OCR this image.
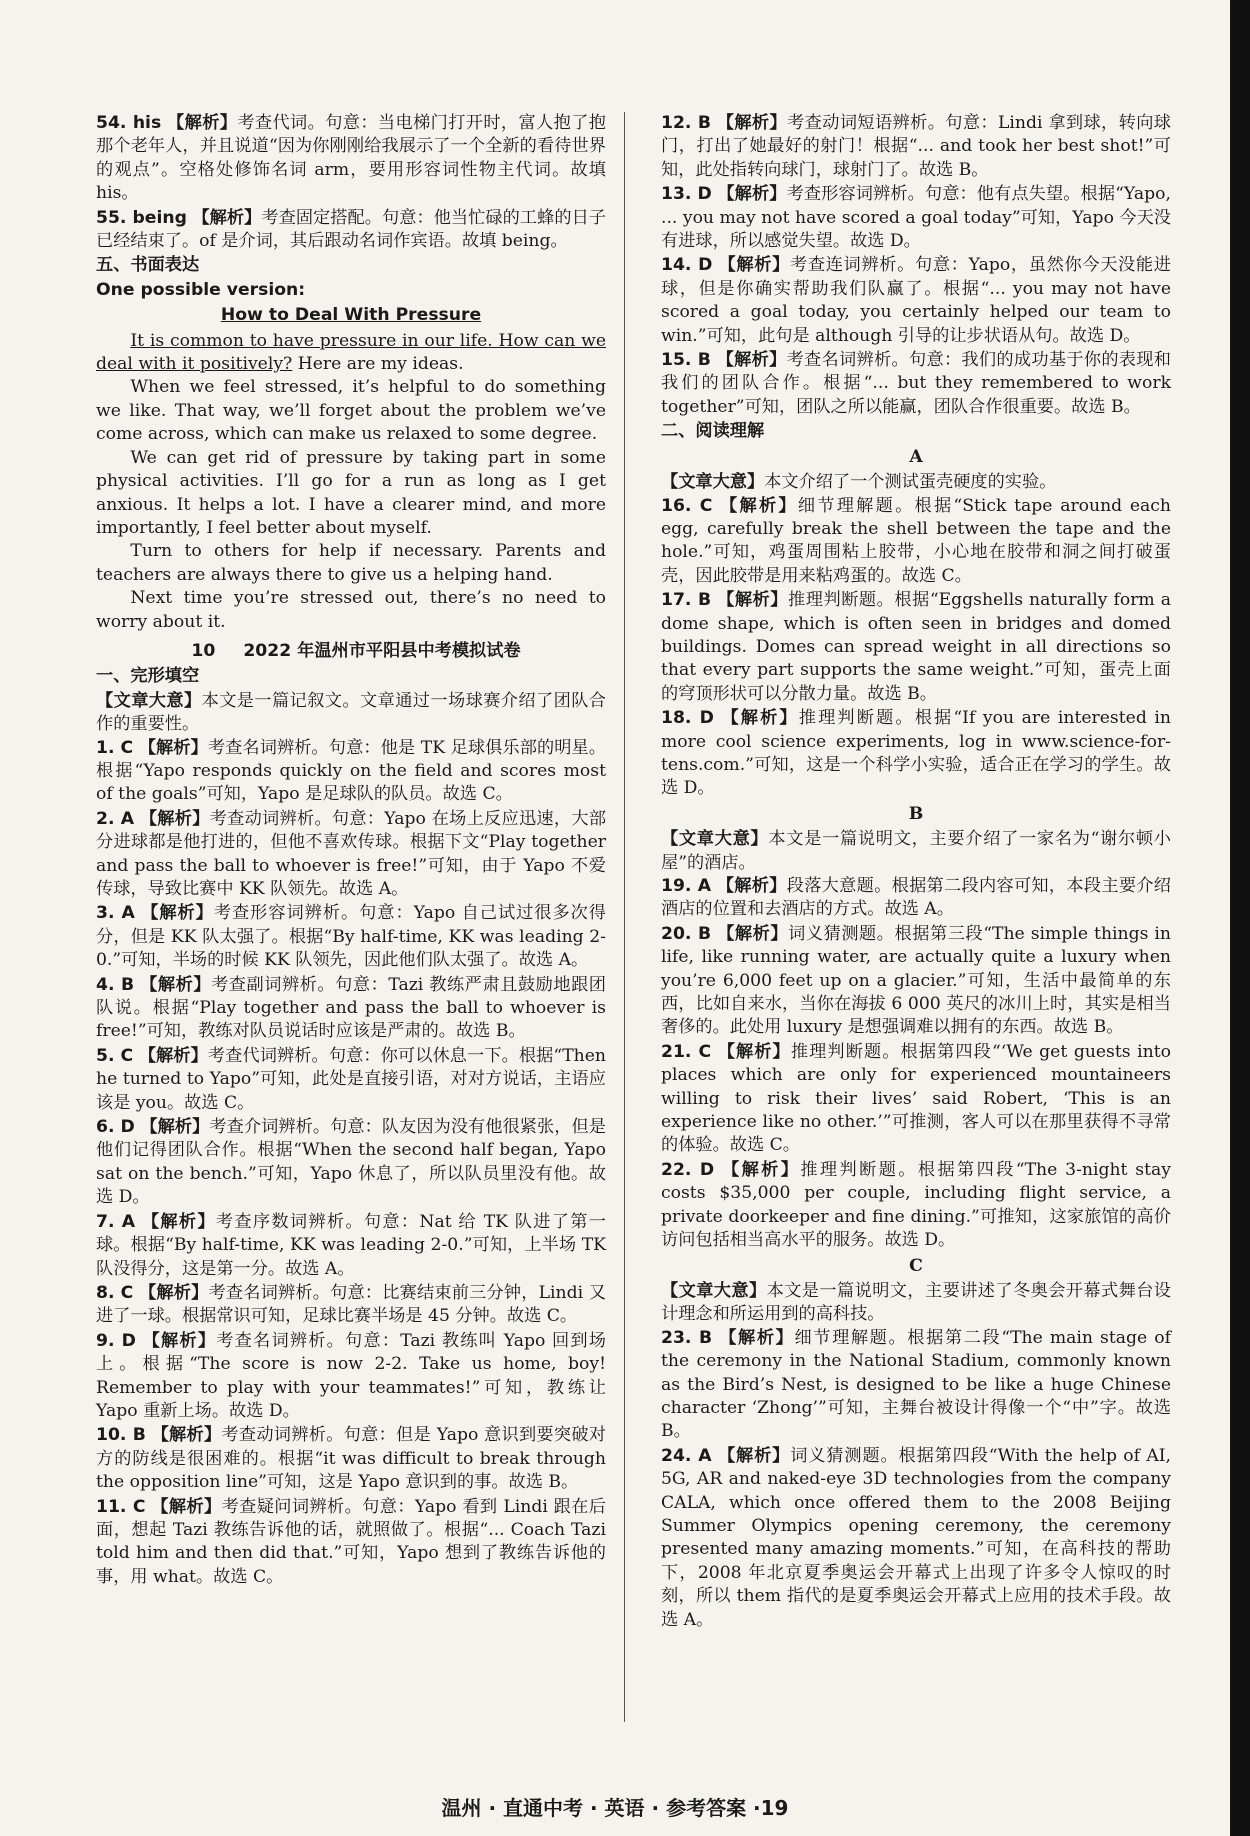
54. his 【解析】考查代词。句意：当电梯门打开时，富人抱了抱那个老年人，并且说道“因为你刚刚给我展示了一个全新的看待世界的观点”。空格处修饰名词 arm，要用形容词性物主代词。故填 his。
55. being 【解析】考查固定搭配。句意：他当忙碌的工蜂的日子已经结束了。of 是介词，其后跟动名词作宾语。故填 being。
五、书面表达
One possible version:
How to Deal With Pressure

It is common to have pressure in our life. How can we deal with it positively? Here are my ideas.

When we feel stressed, it’s helpful to do something we like. That way, we’ll forget about the problem we’ve come across, which can make us relaxed to some degree.

We can get rid of pressure by taking part in some physical activities. I’ll go for a run as long as I get anxious. It helps a lot. I have a clearer mind, and more importantly, I feel better about myself.

Turn to others for help if necessary. Parents and teachers are always there to give us a helping hand.

Next time you’re stressed out, there’s no need to worry about it.

10 2022 年温州市平阳县中考模拟试卷
一、完形填空

【文章大意】本文是一篇记叙文。文章通过一场球赛介绍了团队合作的重要性。

1. C 【解析】考查名词辨析。句意：他是 TK 足球俱乐部的明星。根据“Yapo responds quickly on the field and scores most of the goals”可知，Yapo 是足球队的队员。故选 C。
2. A 【解析】考查动词辨析。句意：Yapo 在场上反应迅速，大部分进球都是他打进的，但他不喜欢传球。根据下文“Play together and pass the ball to whoever is free!”可知，由于 Yapo 不爱传球，导致比赛中 KK 队领先。故选 A。
3. A 【解析】考查形容词辨析。句意：Yapo 自己试过很多次得分，但是 KK 队太强了。根据“By half-time, KK was leading 2-0.”可知，半场的时候 KK 队领先，因此他们队太强了。故选 A。
4. B 【解析】考查副词辨析。句意：Tazi 教练严肃且鼓励地跟团队说。根据“Play together and pass the ball to whoever is free!”可知，教练对队员说话时应该是严肃的。故选 B。
5. C 【解析】考查代词辨析。句意：你可以休息一下。根据“Then he turned to Yapo”可知，此处是直接引语，对对方说话，主语应该是 you。故选 C。
6. D 【解析】考查介词辨析。句意：队友因为没有他很紧张，但是他们记得团队合作。根据“When the second half began, Yapo sat on the bench.”可知，Yapo 休息了，所以队员里没有他。故选 D。
7. A 【解析】考查序数词辨析。句意：Nat 给 TK 队进了第一球。根据“By half-time, KK was leading 2-0.”可知，上半场 TK 队没得分，这是第一分。故选 A。
8. C 【解析】考查名词辨析。句意：比赛结束前三分钟，Lindi 又进了一球。根据常识可知，足球比赛半场是 45 分钟。故选 C。
9. D 【解析】考查名词辨析。句意：Tazi 教练叫 Yapo 回到场上。根据“The score is now 2-2. Take us home, boy! Remember to play with your teammates!”可知，教练让 Yapo 重新上场。故选 D。
10. B 【解析】考查动词辨析。句意：但是 Yapo 意识到要突破对方的防线是很困难的。根据“it was difficult to break through the opposition line”可知，这是 Yapo 意识到的事。故选 B。
11. C 【解析】考查疑问词辨析。句意：Yapo 看到 Lindi 跟在后面，想起 Tazi 教练告诉他的话，就照做了。根据“... Coach Tazi told him and then did that.”可知，Yapo 想到了教练告诉他的事，用 what。故选 C。
12. B 【解析】考查动词短语辨析。句意：Lindi 拿到球，转向球门，打出了她最好的射门！根据“... and took her best shot!”可知，此处指转向球门，球射门了。故选 B。
13. D 【解析】考查形容词辨析。句意：他有点失望。根据“Yapo, ... you may not have scored a goal today”可知，Yapo 今天没有进球，所以感觉失望。故选 D。
14. D 【解析】考查连词辨析。句意：Yapo，虽然你今天没能进球，但是你确实帮助我们队赢了。根据“... you may not have scored a goal today, you certainly helped our team to win.”可知，此句是 although 引导的让步状语从句。故选 D。
15. B 【解析】考查名词辨析。句意：我们的成功基于你的表现和我们的团队合作。根据“... but they remembered to work together”可知，团队之所以能赢，团队合作很重要。故选 B。
二、阅读理解
A

【文章大意】本文介绍了一个测试蛋壳硬度的实验。

16. C 【解析】细节理解题。根据“Stick tape around each egg, carefully break the shell between the tape and the hole.”可知，鸡蛋周围粘上胶带，小心地在胶带和洞之间打破蛋壳，因此胶带是用来粘鸡蛋的。故选 C。
17. B 【解析】推理判断题。根据“Eggshells naturally form a dome shape, which is often seen in bridges and domed buildings. Domes can spread weight in all directions so that every part supports the same weight.”可知，蛋壳上面的穹顶形状可以分散力量。故选 B。
18. D 【解析】推理判断题。根据“If you are interested in more cool science experiments, log in www.science-for-tens.com.”可知，这是一个科学小实验，适合正在学习的学生。故选 D。
B

【文章大意】本文是一篇说明文，主要介绍了一家名为“谢尔顿小屋”的酒店。

19. A 【解析】段落大意题。根据第二段内容可知，本段主要介绍酒店的位置和去酒店的方式。故选 A。
20. B 【解析】词义猜测题。根据第三段“The simple things in life, like running water, are actually quite a luxury when you’re 6,000 feet up on a glacier.”可知，生活中最简单的东西，比如自来水，当你在海拔 6 000 英尺的冰川上时，其实是相当奢侈的。此处用 luxury 是想强调难以拥有的东西。故选 B。
21. C 【解析】推理判断题。根据第四段“‘We get guests into places which are only for experienced mountaineers willing to risk their lives’ said Robert, ‘This is an experience like no other.’”可推测，客人可以在那里获得不寻常的体验。故选 C。
22. D 【解析】推理判断题。根据第四段“The 3-night stay costs $35,000 per couple, including flight service, a private doorkeeper and fine dining.”可推知，这家旅馆的高价访问包括相当高水平的服务。故选 D。
C

【文章大意】本文是一篇说明文，主要讲述了冬奥会开幕式舞台设计理念和所运用到的高科技。

23. B 【解析】细节理解题。根据第二段“The main stage of the ceremony in the National Stadium, commonly known as the Bird’s Nest, is designed to be like a huge Chinese character ‘Zhong’”可知，主舞台被设计得像一个“中”字。故选 B。
24. A 【解析】词义猜测题。根据第四段“With the help of AI, 5G, AR and naked-eye 3D technologies from the company CALA, which once offered them to the 2008 Beijing Summer Olympics opening ceremony, the ceremony presented many amazing moments.”可知，在高科技的帮助下，2008 年北京夏季奥运会开幕式上出现了许多令人惊叹的时刻，所以 them 指代的是夏季奥运会开幕式上应用的技术手段。故选 A。
温州 · 直通中考 · 英语 · 参考答案 ·19
